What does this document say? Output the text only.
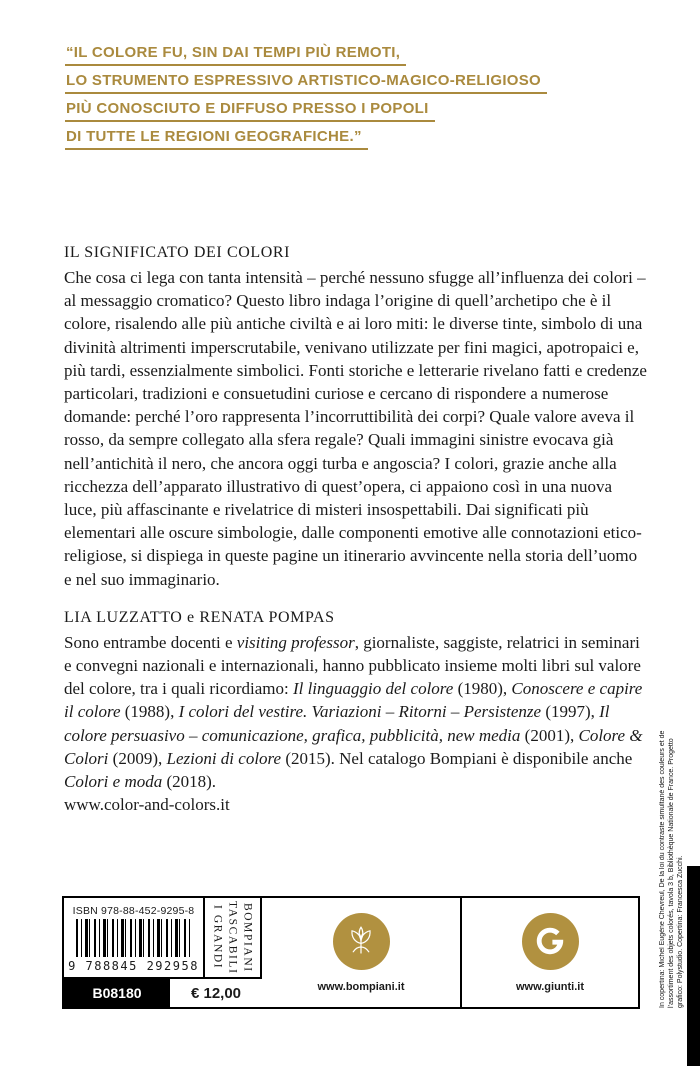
“IL COLORE FU, SIN DAI TEMPI PIÙ REMOTI,
LO STRUMENTO ESPRESSIVO ARTISTICO-MAGICO-RELIGIOSO
PIÙ CONOSCIUTO E DIFFUSO PRESSO I POPOLI
DI TUTTE LE REGIONI GEOGRAFICHE.”
IL SIGNIFICATO DEI COLORI

Che cosa ci lega con tanta intensità – perché nessuno sfugge all’influenza dei colori – al messaggio cromatico? Questo libro indaga l’origine di quell’archetipo che è il colore, risalendo alle più antiche civiltà e ai loro miti: le diverse tinte, simbolo di una divinità altrimenti imperscrutabile, venivano utilizzate per fini magici, apotropaici e, più tardi, essenzialmente simbolici. Fonti storiche e letterarie rivelano fatti e credenze particolari, tradizioni e consuetudini curiose e cercano di rispondere a numerose domande: perché l’oro rappresenta l’incorruttibilità dei corpi? Quale valore aveva il rosso, da sempre collegato alla sfera regale? Quali immagini sinistre evocava già nell’antichità il nero, che ancora oggi turba e angoscia? I colori, grazie anche alla ricchezza dell’apparato illustrativo di quest’opera, ci appaiono così in una nuova luce, più affascinante e rivelatrice di misteri insospettabili. Dai significati più elementari alle oscure simbologie, dalle componenti emotive alle connotazioni etico-religiose, si dispiega in queste pagine un itinerario avvincente nella storia dell’uomo e nel suo immaginario.

LIA LUZZATTO e RENATA POMPAS

Sono entrambe docenti e visiting professor, giornaliste, saggiste, relatrici in seminari e convegni nazionali e internazionali, hanno pubblicato insieme molti libri sul valore del colore, tra i quali ricordiamo: Il linguaggio del colore (1980), Conoscere e capire il colore (1988), I colori del vestire. Variazioni – Ritorni – Persistenze (1997), Il colore persuasivo – comunicazione, grafica, pubblicità, new media (2001), Colore & Colori (2009), Lezioni di colore (2015). Nel catalogo Bompiani è disponibile anche Colori e moda (2018).

www.color-and-colors.it
ISBN 978-88-452-9295-8
9 788845 292958 I GRANDI TASCABILI BOMPIANI
www.bompiani.it	www.giunti.it
B08180	€ 12,00	In copertina: Michel Eugène Chevreul, De la loi du contraste simultané des couleurs et de l’assortiment des objets colorés, tavola 3 b, Bibliothèque Nationale de France. Progetto grafico: Polystudio. Copertina: Francesca Zucchi.
